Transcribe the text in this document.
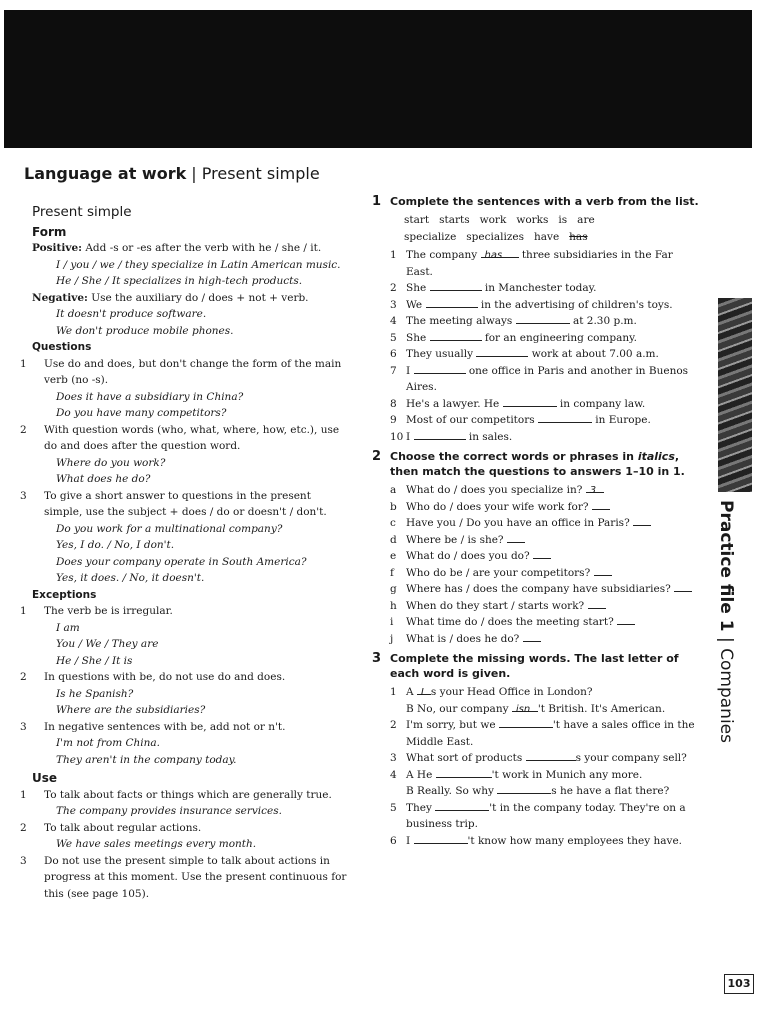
Language at work | Present simple
Present simple
Form
Positive: Add -s or -es after the verb with he / she / it.
I / you / we / they specialize in Latin American music.
He / She / It specializes in high-tech products.
Negative: Use the auxiliary do / does + not + verb.
It doesn't produce software.
We don't produce mobile phones.
Questions
1 Use do and does, but don't change the form of the main verb (no -s).
Does it have a subsidiary in China?
Do you have many competitors?
2 With question words (who, what, where, how, etc.), use do and does after the question word.
Where do you work?
What does he do?
3 To give a short answer to questions in the present simple, use the subject + does / do or doesn't / don't.
Do you work for a multinational company?
Yes, I do. / No, I don't.
Does your company operate in South America?
Yes, it does. / No, it doesn't.
Exceptions
1 The verb be is irregular.
I am
You / We / They are
He / She / It is
2 In questions with be, do not use do and does.
Is he Spanish?
Where are the subsidiaries?
3 In negative sentences with be, add not or n't.
I'm not from China.
They aren't in the company today.
Use
1 To talk about facts or things which are generally true.
The company provides insurance services.
2 To talk about regular actions.
We have sales meetings every month.
3 Do not use the present simple to talk about actions in progress at this moment. Use the present continuous for this (see page 105).
1 Complete the sentences with a verb from the list.
start   starts   work   works   is   are
specialize   specializes   have   has
1 The company has three subsidiaries in the Far East.
2 She	in Manchester today.
3 We	in the advertising of children's toys.
4 The meeting always	at 2.30 p.m.
5 She	for an engineering company.
6 They usually	work at about 7.00 a.m.
7 I	one office in Paris and another in Buenos Aires.
8 He's a lawyer. He	in company law.
9 Most of our competitors	in Europe.
10 I	in sales.
2 Choose the correct words or phrases in italics, then match the questions to answers 1–10 in 1.
a What do / does you specialize in? 3
b Who do / does your wife work for?
c Have you / Do you have an office in Paris?
d Where be / is she?
e What do / does you do?
f	Who do be / are your competitors?
g Where has / does the company have subsidiaries?
h When do they start / starts work?
i	What time do / does the meeting start?
j	What is / does he do?
3 Complete the missing words. The last letter of each word is given.
1 A I s your Head Office in London?
B No, our company isn 't British. It's American.
2 I'm sorry, but we	't have a sales office in the Middle East.
3 What sort of products	s your company sell?
4 A He	't work in Munich any more.
B Really. So why	s he have a flat there?
5 They	't in the company today. They're on a business trip.
6 I	't know how many employees they have.
Practice file 1 | Companies
103
